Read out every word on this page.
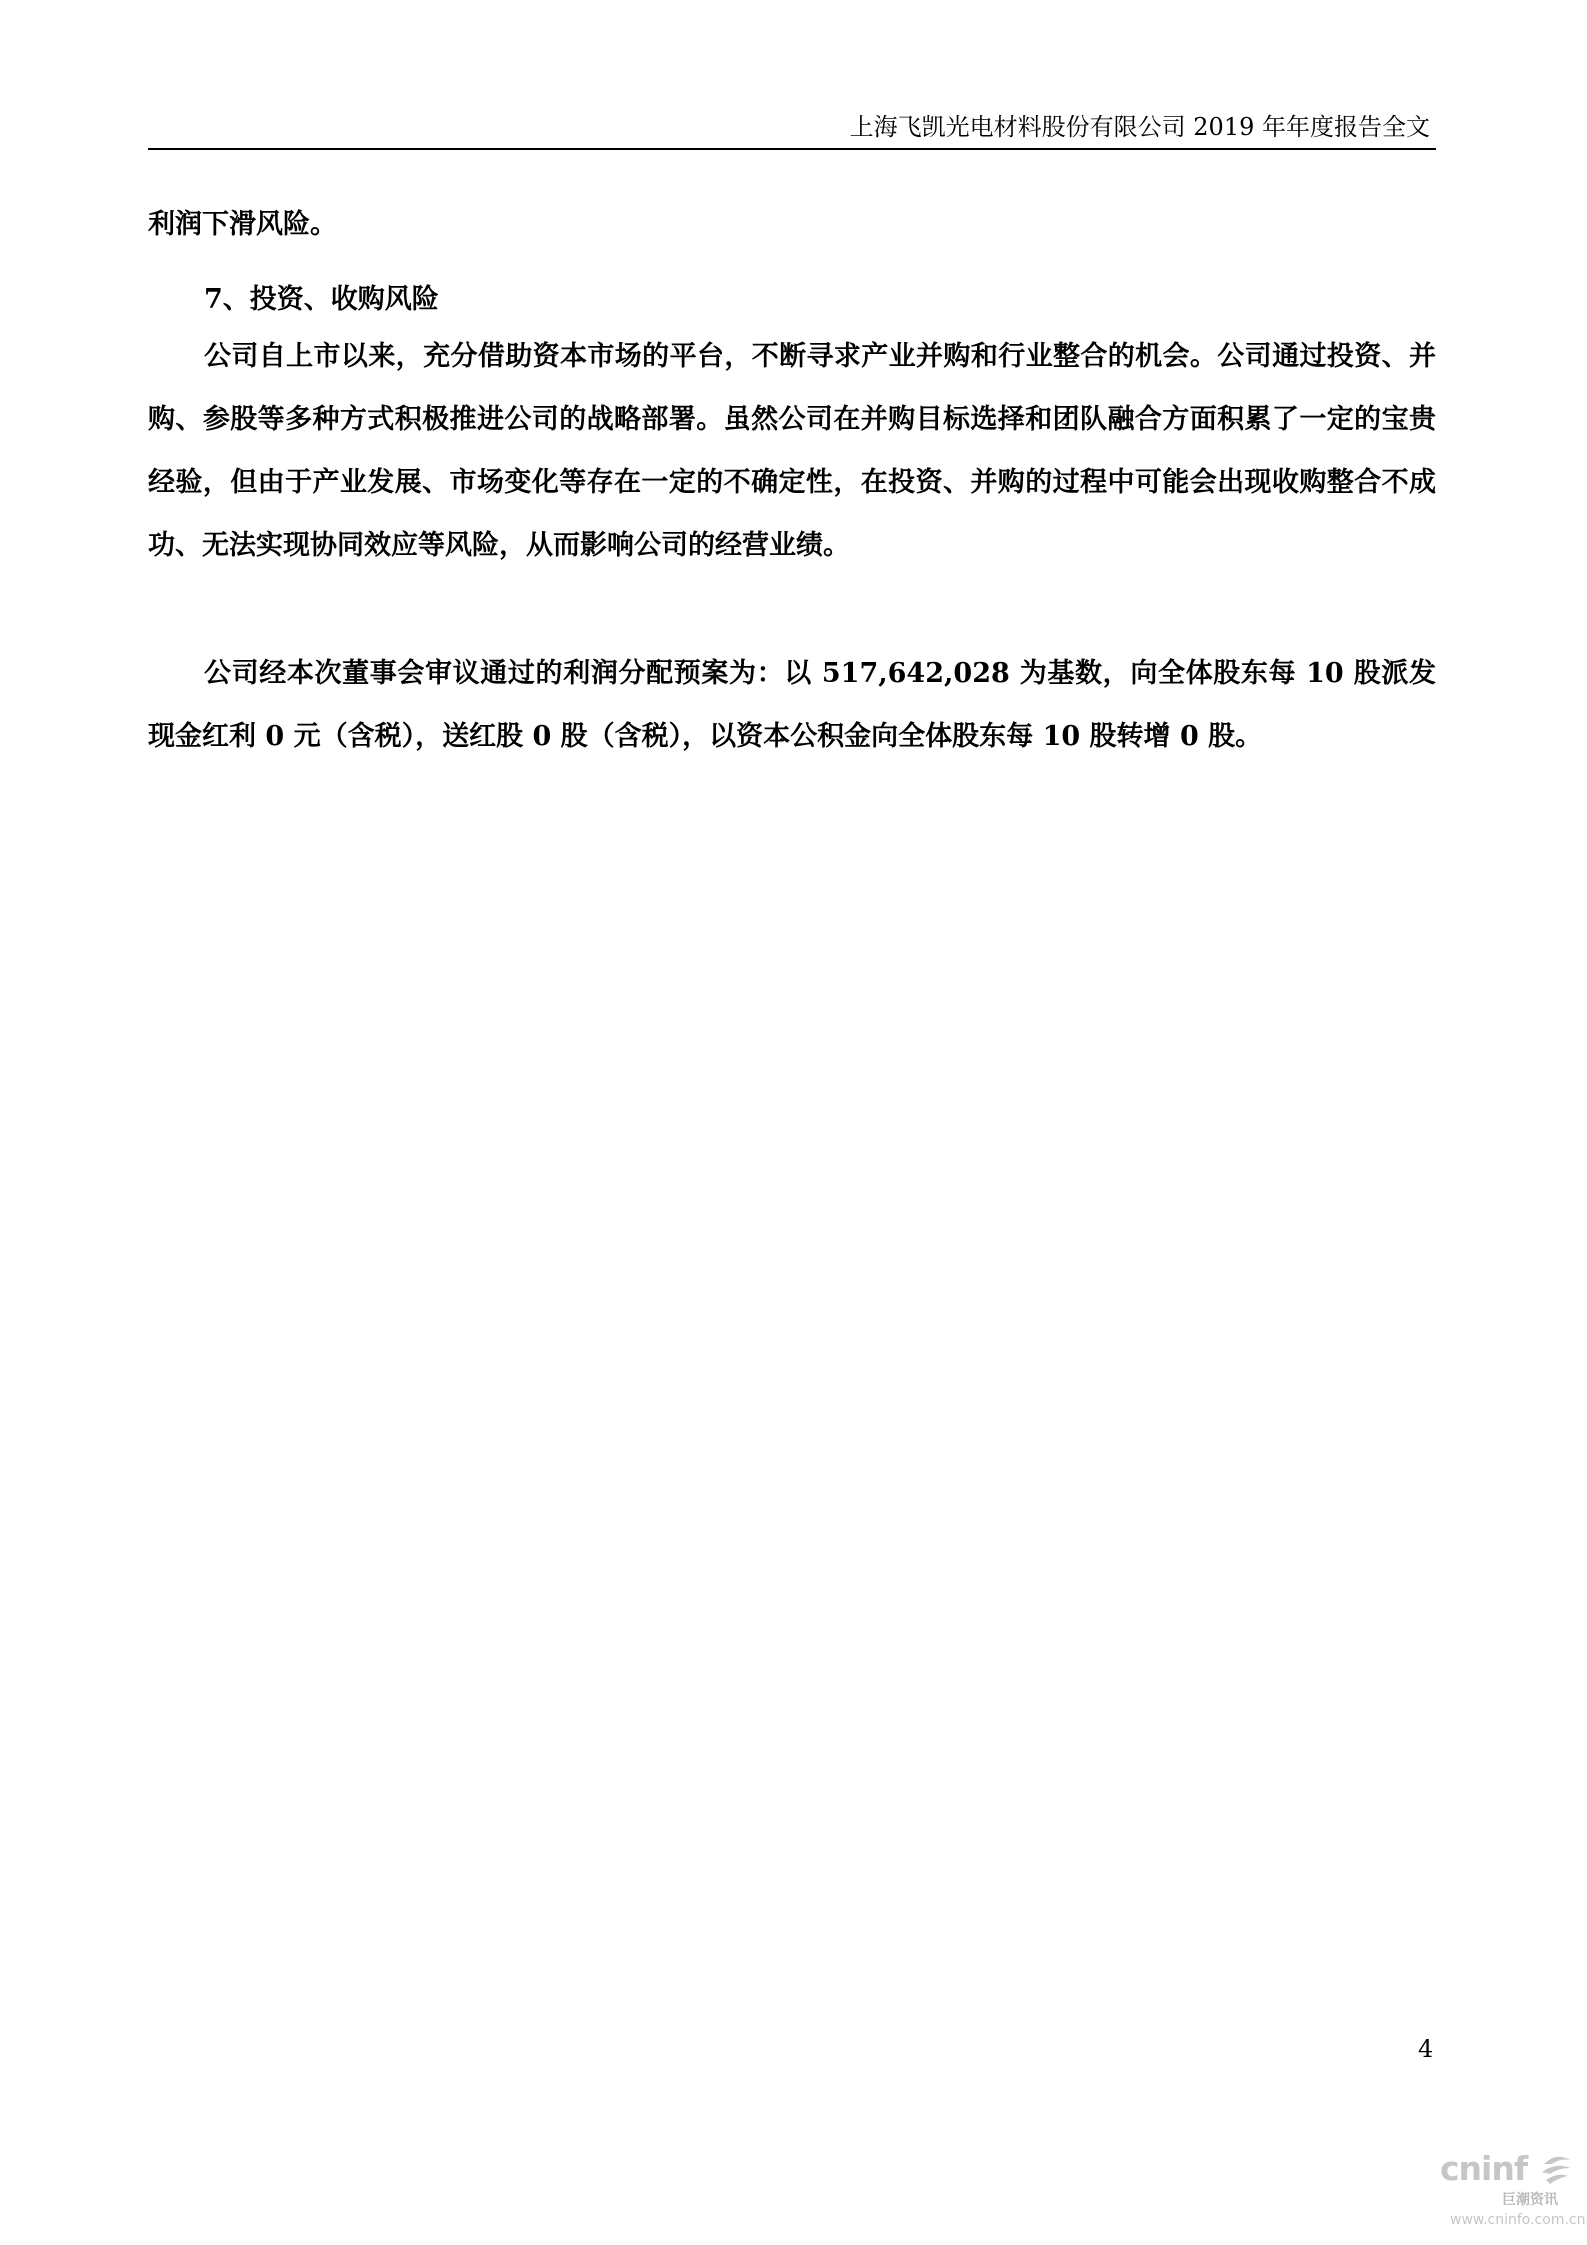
上海飞凯光电材料股份有限公司 2019 年年度报告全文

利润下滑风险。

7、投资、收购风险

公司自上市以来，充分借助资本市场的平台，不断寻求产业并购和行业整合的机会。公司通过投资、并购、参股等多种方式积极推进公司的战略部署。虽然公司在并购目标选择和团队融合方面积累了一定的宝贵经验，但由于产业发展、市场变化等存在一定的不确定性，在投资、并购的过程中可能会出现收购整合不成功、无法实现协同效应等风险，从而影响公司的经营业绩。

公司经本次董事会审议通过的利润分配预案为：以 517,642,028 为基数，向全体股东每 10 股派发现金红利 0 元（含税），送红股 0 股（含税），以资本公积金向全体股东每 10 股转增 0 股。

4
cninf
巨潮资讯
www.cninfo.com.cn
